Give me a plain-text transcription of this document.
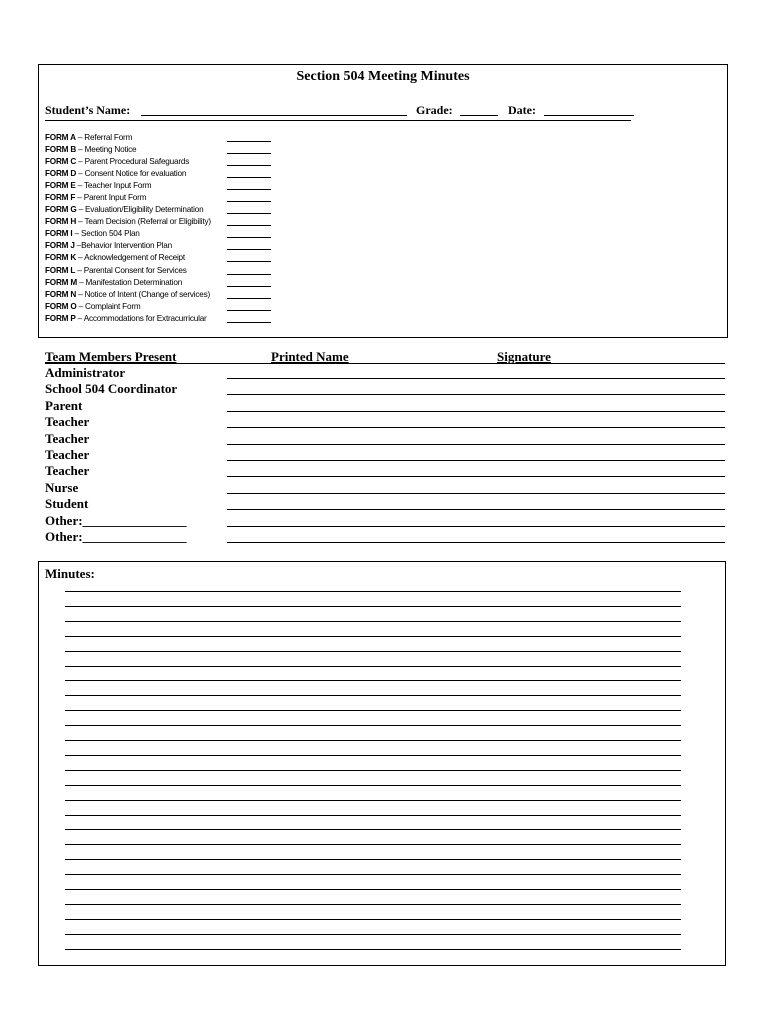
Section 504 Meeting Minutes
Student’s Name:	Grade:	Date:
FORM A – Referral Form
FORM B – Meeting Notice
FORM C – Parent Procedural Safeguards
FORM D – Consent Notice for evaluation
FORM E – Teacher Input Form
FORM F – Parent Input Form
FORM G – Evaluation/Eligibility Determination
FORM H – Team Decision (Referral or Eligibility)
FORM I – Section 504 Plan
FORM J –Behavior Intervention Plan
FORM K – Acknowledgement of Receipt
FORM L – Parental Consent for Services
FORM M – Manifestation Determination
FORM N – Notice of Intent (Change of services)
FORM O – Complaint Form
FORM P – Accommodations for Extracurricular
Team Members Present	Printed Name	Signature
Administrator
School 504 Coordinator
Parent
Teacher
Teacher
Teacher
Teacher
Nurse
Student
Other:________________
Other:________________
Minutes:
